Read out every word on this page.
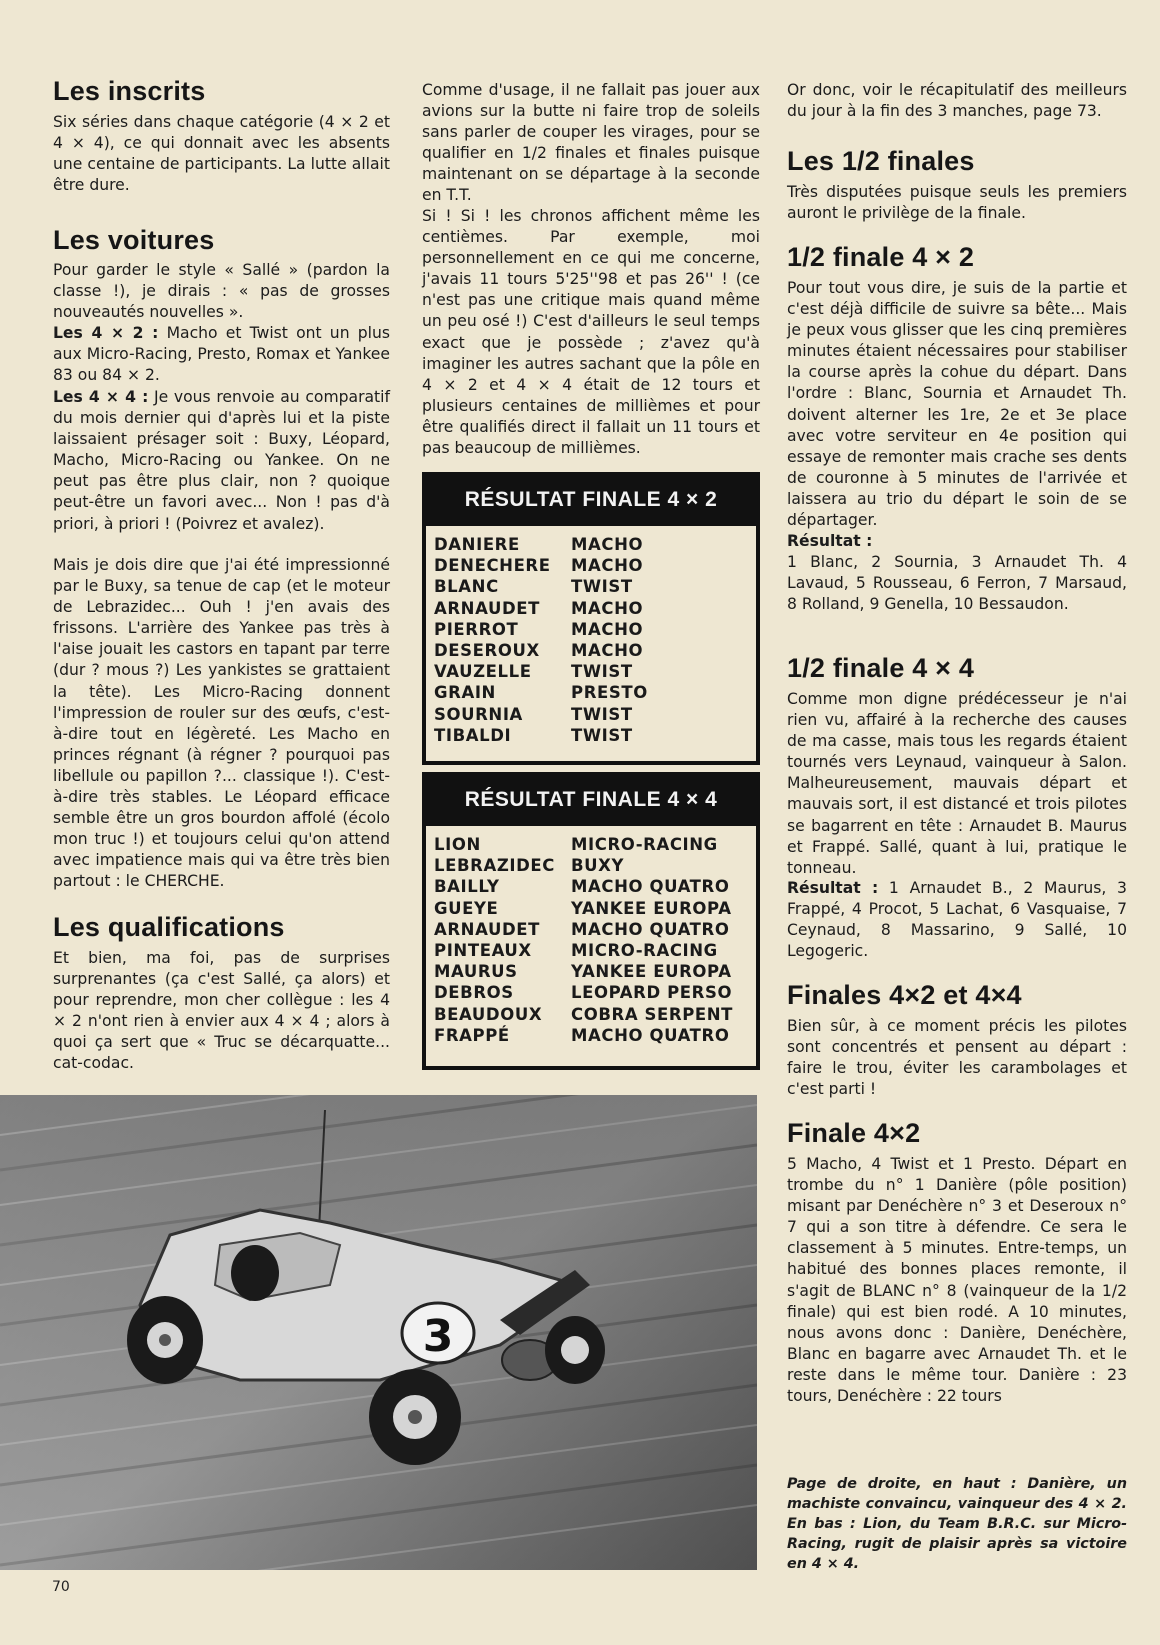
Les inscrits

Six séries dans chaque catégorie (4 × 2 et 4 × 4), ce qui donnait avec les absents une centaine de participants. La lutte allait être dure.

Les voitures

Pour garder le style « Sallé » (pardon la classe !), je dirais : « pas de grosses nouveautés nouvelles ».

Les 4 × 2 : Macho et Twist ont un plus aux Micro-Racing, Presto, Romax et Yankee 83 ou 84 × 2.

Les 4 × 4 : Je vous renvoie au comparatif du mois dernier qui d'après lui et la piste laissaient présager soit : Buxy, Léopard, Macho, Micro-Racing ou Yankee. On ne peut pas être plus clair, non ? quoique peut-être un favori avec... Non ! pas d'à priori, à priori ! (Poivrez et avalez).

Mais je dois dire que j'ai été impressionné par le Buxy, sa tenue de cap (et le moteur de Lebrazidec... Ouh ! j'en avais des frissons. L'arrière des Yankee pas très à l'aise jouait les castors en tapant par terre (dur ? mous ?) Les yankistes se grattaient la tête). Les Micro-Racing donnent l'impression de rouler sur des œufs, c'est-à-dire tout en légèreté. Les Macho en princes régnant (à régner ? pourquoi pas libellule ou papillon ?... classique !). C'est-à-dire très stables. Le Léopard efficace semble être un gros bourdon affolé (écolo mon truc !) et toujours celui qu'on attend avec impatience mais qui va être très bien partout : le CHERCHE.

Les qualifications

Et bien, ma foi, pas de surprises surprenantes (ça c'est Sallé, ça alors) et pour reprendre, mon cher collègue : les 4 × 2 n'ont rien à envier aux 4 × 4 ; alors à quoi ça sert que « Truc se décarquatte... cat-codac.

Comme d'usage, il ne fallait pas jouer aux avions sur la butte ni faire trop de soleils sans parler de couper les virages, pour se qualifier en 1/2 finales et finales puisque maintenant on se départage à la seconde en T.T.

Si ! Si ! les chronos affichent même les centièmes. Par exemple, moi personnellement en ce qui me concerne, j'avais 11 tours 5'25''98 et pas 26'' ! (ce n'est pas une critique mais quand même un peu osé !) C'est d'ailleurs le seul temps exact que je possède ; z'avez qu'à imaginer les autres sachant que la pôle en 4 × 2 et 4 × 4 était de 12 tours et plusieurs centaines de millièmes et pour être qualifiés direct il fallait un 11 tours et pas beaucoup de millièmes.

RÉSULTAT FINALE 4 × 2
DANIERE	MACHO
DENECHERE	MACHO
BLANC	TWIST
ARNAUDET	MACHO
PIERROT	MACHO
DESEROUX	MACHO
VAUZELLE	TWIST
GRAIN	PRESTO
SOURNIA	TWIST
TIBALDI	TWIST
RÉSULTAT FINALE 4 × 4
LION	MICRO-RACING
LEBRAZIDEC BUXY
BAILLY	MACHO QUATRO
GUEYE	YANKEE EUROPA
ARNAUDET	MACHO QUATRO
PINTEAUX	MICRO-RACING
MAURUS	YANKEE EUROPA
DEBROS	LEOPARD PERSO
BEAUDOUX	COBRA SERPENT
FRAPPÉ	MACHO QUATRO

Or donc, voir le récapitulatif des meilleurs du jour à la fin des 3 manches, page 73.

Les 1/2 finales

Très disputées puisque seuls les premiers auront le privilège de la finale.

1/2 finale 4 × 2

Pour tout vous dire, je suis de la partie et c'est déjà difficile de suivre sa bête... Mais je peux vous glisser que les cinq premières minutes étaient nécessaires pour stabiliser la course après la cohue du départ. Dans l'ordre : Blanc, Sournia et Arnaudet Th. doivent alterner les 1re, 2e et 3e place avec votre serviteur en 4e position qui essaye de remonter mais crache ses dents de couronne à 5 minutes de l'arrivée et laissera au trio du départ le soin de se départager.

Résultat :

1 Blanc, 2 Sournia, 3 Arnaudet Th. 4 Lavaud, 5 Rousseau, 6 Ferron, 7 Marsaud, 8 Rolland, 9 Genella, 10 Bessaudon.

1/2 finale 4 × 4

Comme mon digne prédécesseur je n'ai rien vu, affairé à la recherche des causes de ma casse, mais tous les regards étaient tournés vers Leynaud, vainqueur à Salon. Malheureusement, mauvais départ et mauvais sort, il est distancé et trois pilotes se bagarrent en tête : Arnaudet B. Maurus et Frappé. Sallé, quant à lui, pratique le tonneau.

Résultat : 1 Arnaudet B., 2 Maurus, 3 Frappé, 4 Procot, 5 Lachat, 6 Vasquaise, 7 Ceynaud, 8 Massarino, 9 Sallé, 10 Legogeric.

Finales 4×2 et 4×4

Bien sûr, à ce moment précis les pilotes sont concentrés et pensent au départ : faire le trou, éviter les carambolages et c'est parti !

Finale 4×2

5 Macho, 4 Twist et 1 Presto. Départ en trombe du n° 1 Danière (pôle position) misant par Denéchère n° 3 et Deseroux n° 7 qui a son titre à défendre. Ce sera le classement à 5 minutes. Entre-temps, un habitué des bonnes places remonte, il s'agit de BLANC n° 8 (vainqueur de la 1/2 finale) qui est bien rodé. A 10 minutes, nous avons donc : Danière, Denéchère, Blanc en bagarre avec Arnaudet Th. et le reste dans le même tour. Danière : 23 tours, Denéchère : 22 tours

3
Page de droite, en haut : Danière, un machiste convaincu, vainqueur des 4 × 2. En bas : Lion, du Team B.R.C. sur Micro-Racing, rugit de plaisir après sa victoire en 4 × 4.
70
